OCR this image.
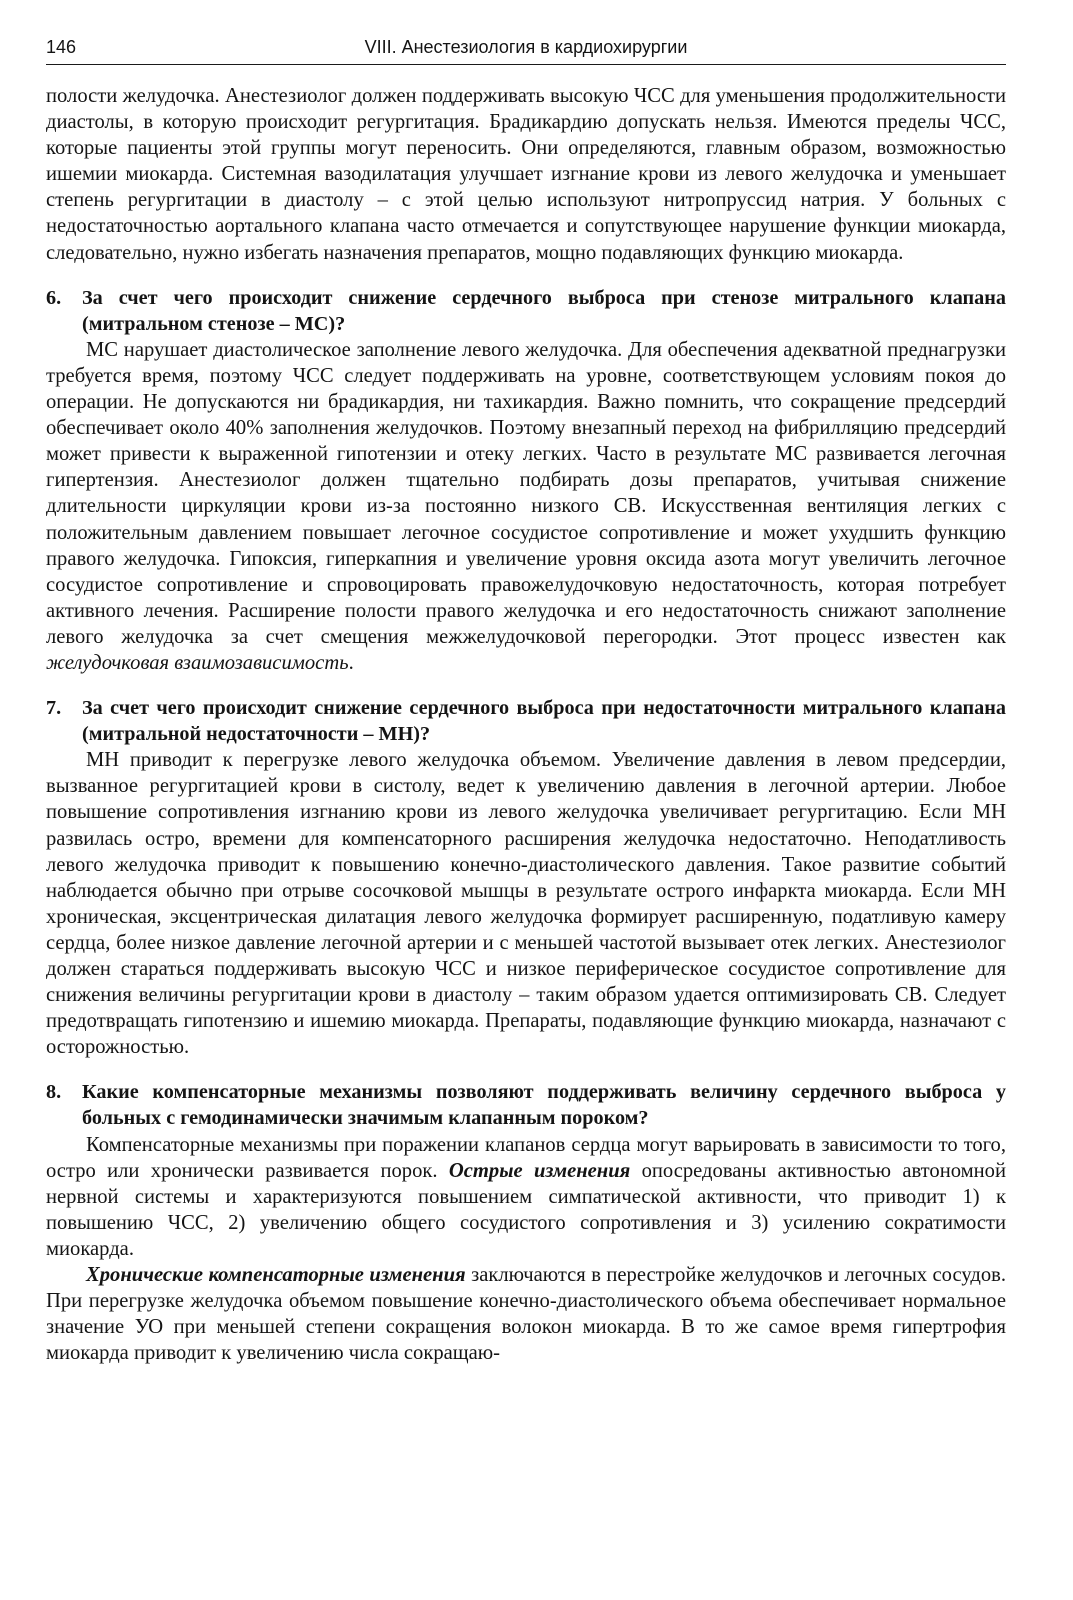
146	VIII. Анестезиология в кардиохирургии

полости желудочка. Анестезиолог должен поддерживать высокую ЧСС для уменьшения продолжительности диастолы, в которую происходит регургитация. Брадикардию допускать нельзя. Имеются пределы ЧСС, которые пациенты этой группы могут переносить. Они определяются, главным образом, возможностью ишемии миокарда. Системная вазодилатация улучшает изгнание крови из левого желудочка и уменьшает степень регургитации в диастолу – с этой целью используют нитропруссид натрия. У больных с недостаточностью аортального клапана часто отмечается и сопутствующее нарушение функции миокарда, следовательно, нужно избегать назначения препаратов, мощно подавляющих функцию миокарда.

6.	За счет чего происходит снижение сердечного выброса при стенозе митрального клапана (митральном стенозе – МС)?

МС нарушает диастолическое заполнение левого желудочка. Для обеспечения адекватной преднагрузки требуется время, поэтому ЧСС следует поддерживать на уровне, соответствующем условиям покоя до операции. Не допускаются ни брадикардия, ни тахикардия. Важно помнить, что сокращение предсердий обеспечивает около 40% заполнения желудочков. Поэтому внезапный переход на фибрилляцию предсердий может привести к выраженной гипотензии и отеку легких. Часто в результате МС развивается легочная гипертензия. Анестезиолог должен тщательно подбирать дозы препаратов, учитывая снижение длительности циркуляции крови из-за постоянно низкого СВ. Искусственная вентиляция легких с положительным давлением повышает легочное сосудистое сопротивление и может ухудшить функцию правого желудочка. Гипоксия, гиперкапния и увеличение уровня оксида азота могут увеличить легочное сосудистое сопротивление и спровоцировать правожелудочковую недостаточность, которая потребует активного лечения. Расширение полости правого желудочка и его недостаточность снижают заполнение левого желудочка за счет смещения межжелудочковой перегородки. Этот процесс известен как желудочковая взаимозависимость.

7.	За счет чего происходит снижение сердечного выброса при недостаточности митрального клапана (митральной недостаточности – МН)?

МН приводит к перегрузке левого желудочка объемом. Увеличение давления в левом предсердии, вызванное регургитацией крови в систолу, ведет к увеличению давления в легочной артерии. Любое повышение сопротивления изгнанию крови из левого желудочка увеличивает регургитацию. Если МН развилась остро, времени для компенсаторного расширения желудочка недостаточно. Неподатливость левого желудочка приводит к повышению конечно-диастолического давления. Такое развитие событий наблюдается обычно при отрыве сосочковой мышцы в результате острого инфаркта миокарда. Если МН хроническая, эксцентрическая дилатация левого желудочка формирует расширенную, податливую камеру сердца, более низкое давление легочной артерии и с меньшей частотой вызывает отек легких. Анестезиолог должен стараться поддерживать высокую ЧСС и низкое периферическое сосудистое сопротивление для снижения величины регургитации крови в диастолу – таким образом удается оптимизировать СВ. Следует предотвращать гипотензию и ишемию миокарда. Препараты, подавляющие функцию миокарда, назначают с осторожностью.

8.	Какие компенсаторные механизмы позволяют поддерживать величину сердечного выброса у больных с гемодинамически значимым клапанным пороком?

Компенсаторные механизмы при поражении клапанов сердца могут варьировать в зависимости то того, остро или хронически развивается порок. Острые изменения опосредованы активностью автономной нервной системы и характеризуются повышением симпатической активности, что приводит 1) к повышению ЧСС, 2) увеличению общего сосудистого сопротивления и 3) усилению сократимости миокарда.

Хронические компенсаторные изменения заключаются в перестройке желудочков и легочных сосудов. При перегрузке желудочка объемом повышение конечно-диастолического объема обеспечивает нормальное значение УО при меньшей степени сокращения волокон миокарда. В то же самое время гипертрофия миокарда приводит к увеличению числа сокращаю-
